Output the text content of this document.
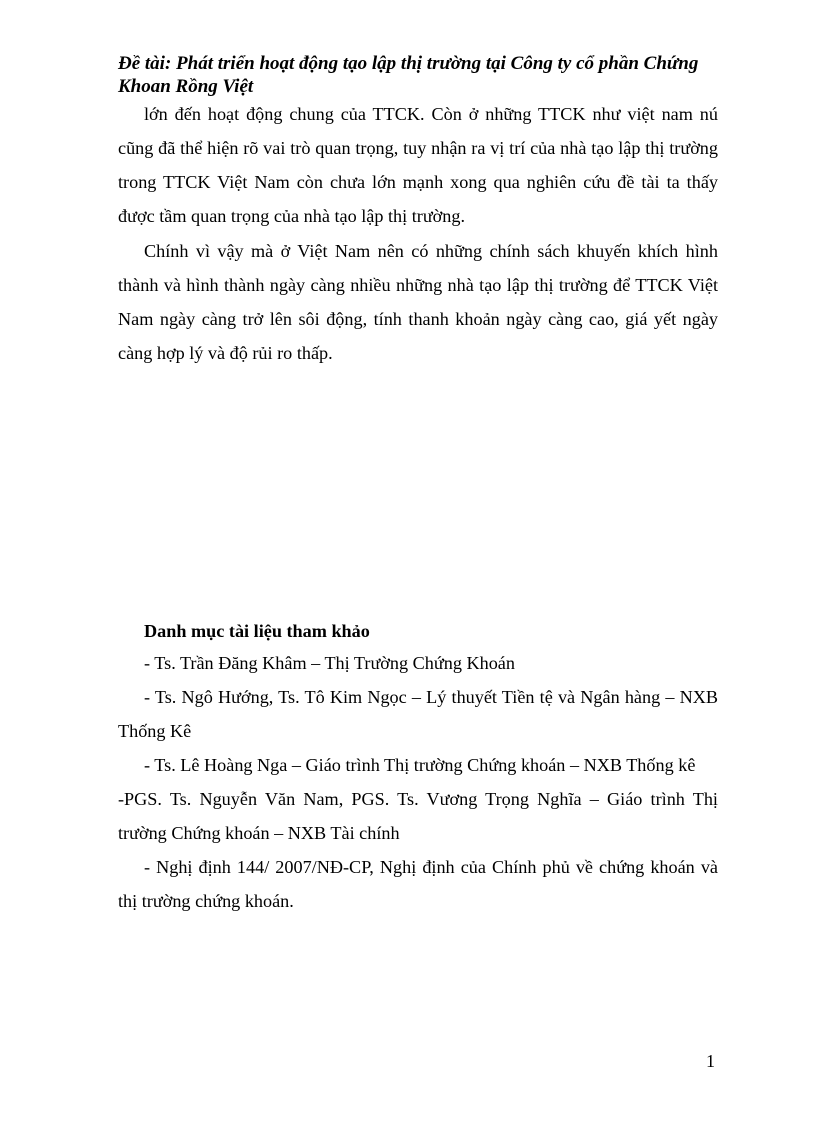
Đề tài: Phát triển hoạt động tạo lập thị trường tại Công ty cổ phần Chứng Khoan Rồng Việt

lớn đến hoạt động chung của TTCK. Còn ở những TTCK như việt nam nú cũng đã thể hiện rõ vai trò quan trọng, tuy nhận ra vị trí của nhà tạo lập thị trường trong TTCK Việt Nam còn chưa lớn mạnh xong qua nghiên cứu đề tài ta thấy được tầm quan trọng của nhà tạo lập thị trường.

Chính vì vậy mà ở Việt Nam nên có những chính sách khuyến khích hình thành và hình thành ngày càng nhiều những nhà tạo lập thị trường để TTCK Việt Nam ngày càng trở lên sôi động, tính thanh khoản ngày càng cao, giá yết ngày càng hợp lý và độ rủi ro thấp.

Danh mục tài liệu tham khảo

- Ts. Trần Đăng Khâm – Thị Trường Chứng Khoán

- Ts. Ngô Hướng, Ts. Tô Kim Ngọc – Lý thuyết Tiền tệ và Ngân hàng – NXB Thống Kê

- Ts. Lê Hoàng Nga – Giáo trình Thị trường Chứng khoán – NXB Thống kê

-PGS. Ts. Nguyễn Văn Nam, PGS. Ts. Vương Trọng Nghĩa – Giáo trình Thị trường Chứng khoán – NXB Tài chính

- Nghị định 144/ 2007/NĐ-CP, Nghị định của Chính phủ về chứng khoán và thị trường chứng khoán.

1
